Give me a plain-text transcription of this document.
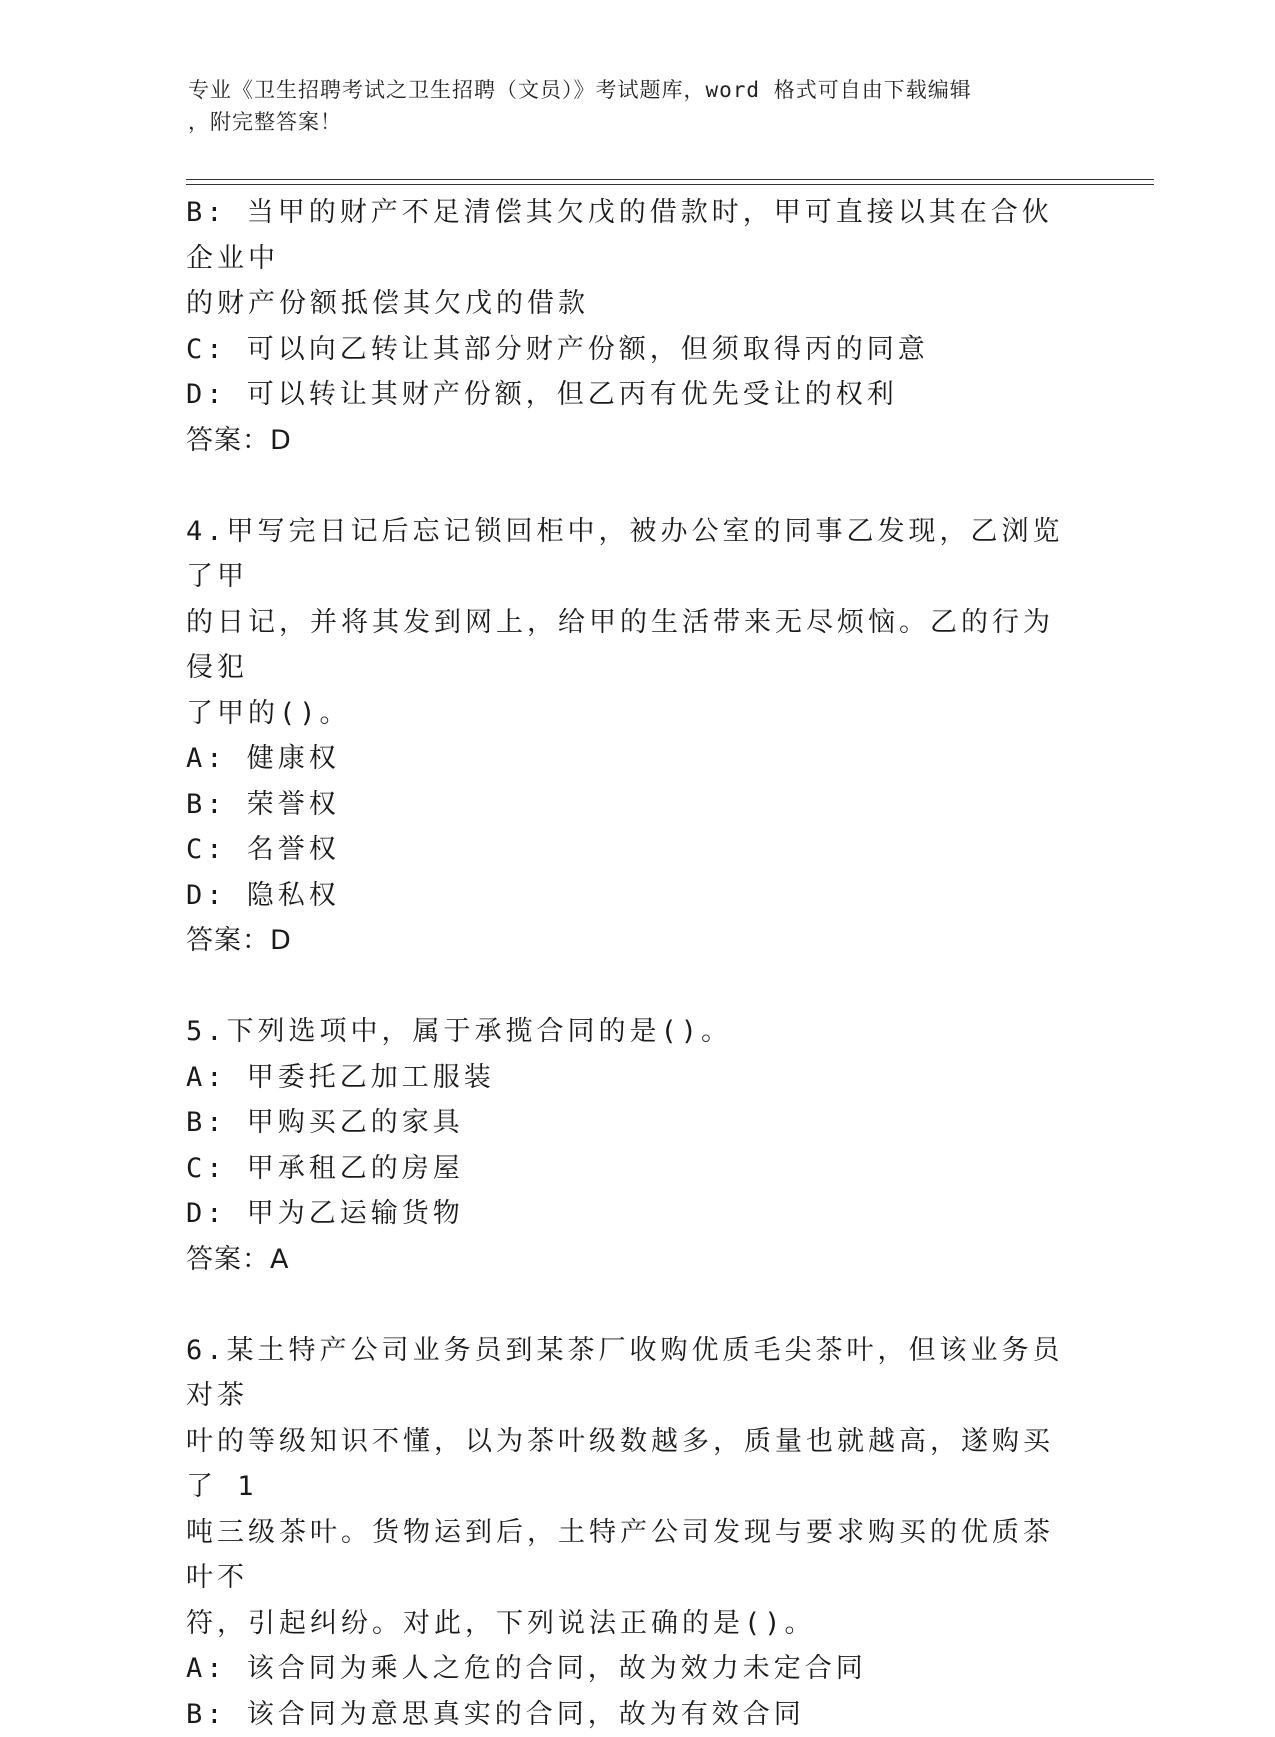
专业《卫生招聘考试之卫生招聘（文员）》考试题库，word 格式可自由下载编辑
，附完整答案！
B: 当甲的财产不足清偿其欠戊的借款时，甲可直接以其在合伙企业中
的财产份额抵偿其欠戊的借款
C: 可以向乙转让其部分财产份额，但须取得丙的同意
D: 可以转让其财产份额，但乙丙有优先受让的权利
答案：D
4.甲写完日记后忘记锁回柜中，被办公室的同事乙发现，乙浏览了甲
的日记，并将其发到网上，给甲的生活带来无尽烦恼。乙的行为侵犯
了甲的()。
A: 健康权
B: 荣誉权
C: 名誉权
D: 隐私权
答案：D
5.下列选项中，属于承揽合同的是()。
A: 甲委托乙加工服装
B: 甲购买乙的家具
C: 甲承租乙的房屋
D: 甲为乙运输货物
答案：A
6.某土特产公司业务员到某茶厂收购优质毛尖茶叶，但该业务员对茶
叶的等级知识不懂，以为茶叶级数越多，质量也就越高，遂购买了 1
吨三级茶叶。货物运到后，土特产公司发现与要求购买的优质茶叶不
符，引起纠纷。对此，下列说法正确的是()。
A: 该合同为乘人之危的合同，故为效力未定合同
B: 该合同为意思真实的合同，故为有效合同
